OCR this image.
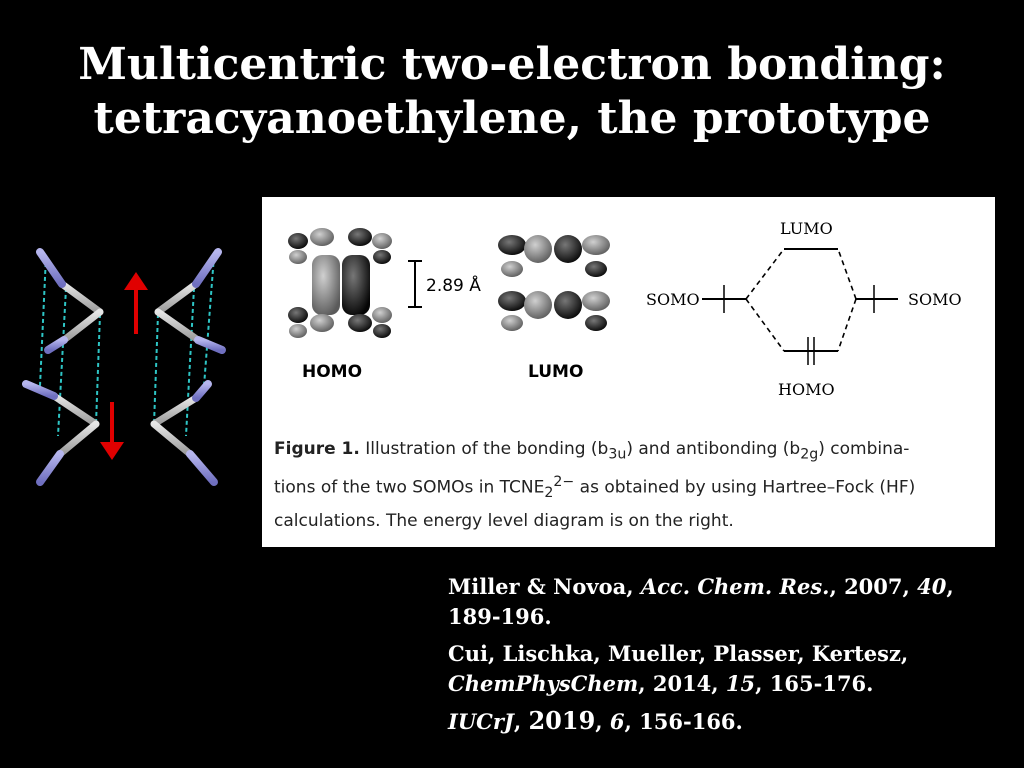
Multicentric two-electron bonding:
tetracyanoethylene, the prototype
2.89 Å
HOMO	LUMO
LUMO
SOMO	SOMO
HOMO
Figure 1. Illustration of the bonding $(b_{3u})$ and antibonding $(b_{2g})$ combina-
tions of the two SOMOs in $TCNE_2^{2-}$ as obtained by using Hartree–Fock (HF)
calculations. The energy level diagram is on the right.
Miller & Novoa, Acc. Chem. Res., 2007, 40, 189-196.
Cui, Lischka, Mueller, Plasser, Kertesz, ChemPhysChem, 2014, 15, 165-176.
IUCrJ, 2019, 6, 156-166.
